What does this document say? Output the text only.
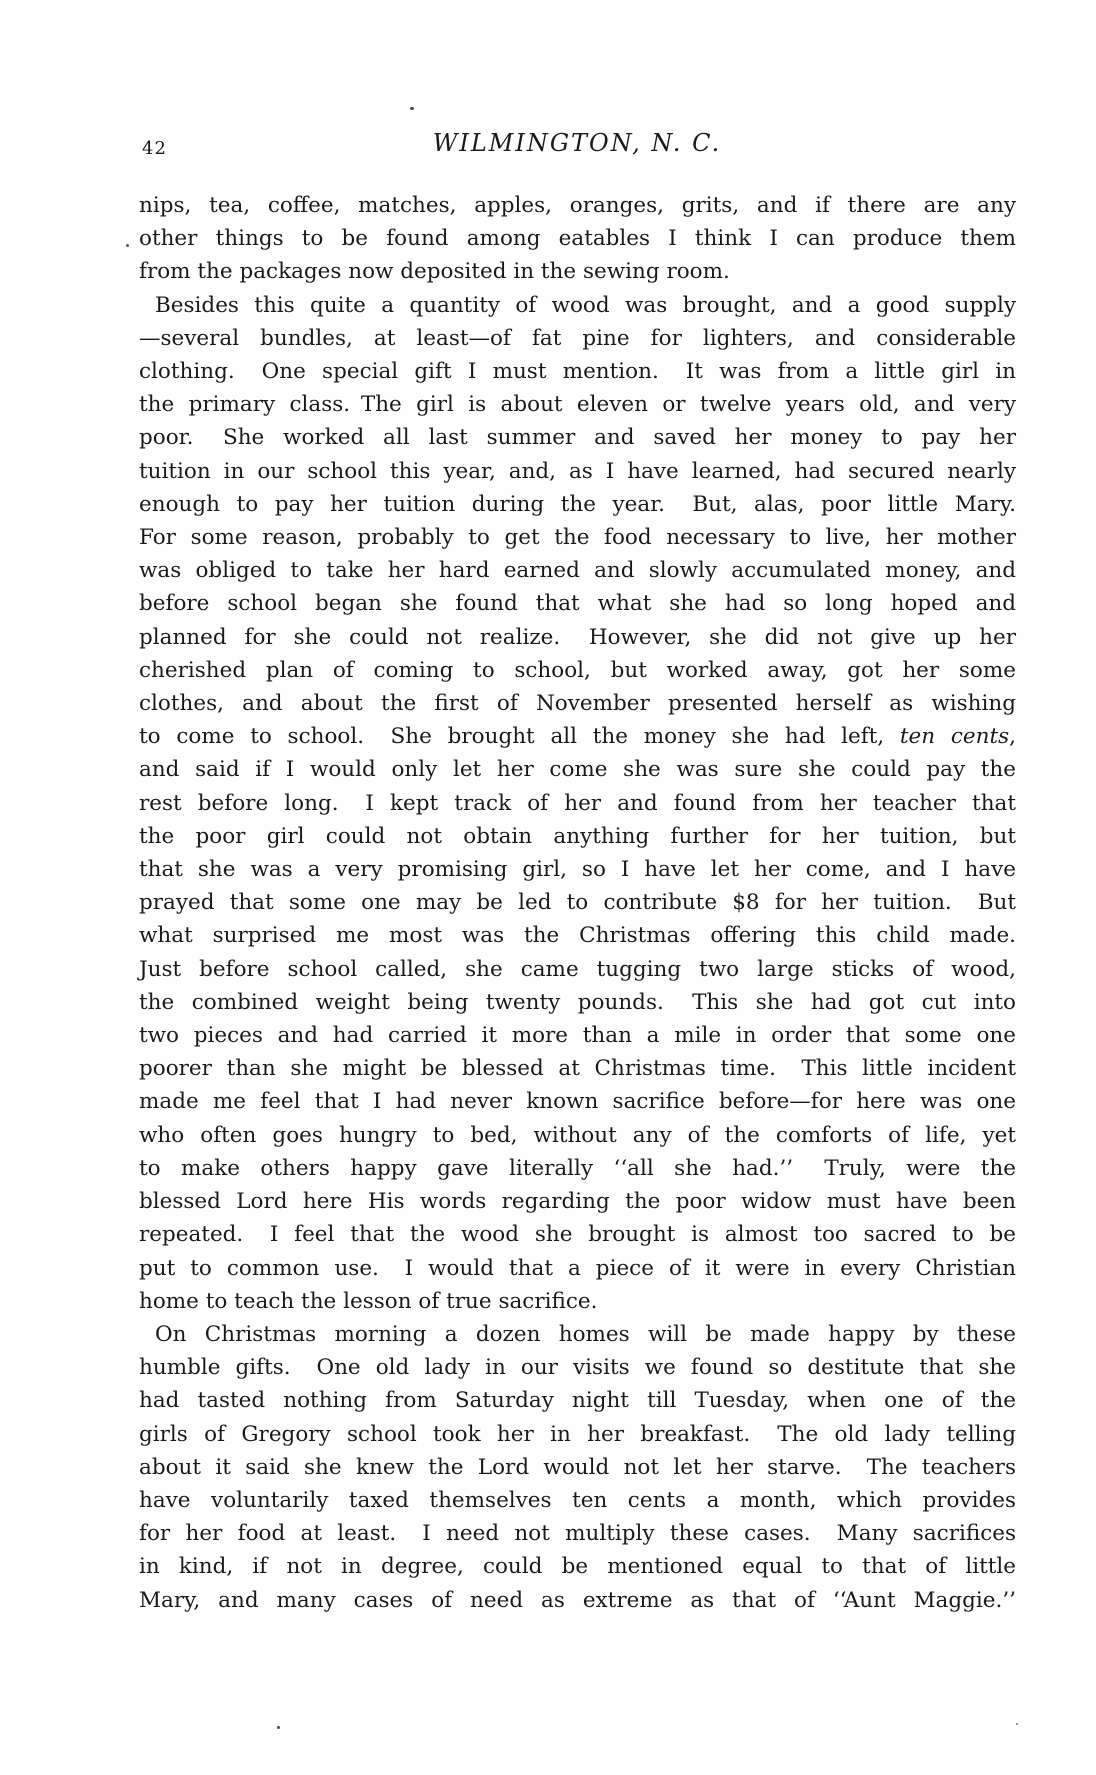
42	WILMINGTON, N. C.
nips, tea, coffee, matches, apples, oranges, grits, and if there are any
other things to be found among eatables I think I can produce them
from the packages now deposited in the sewing room.
Besides this quite a quantity of wood was brought, and a good supply
—several bundles, at least—of fat pine for lighters, and considerable
clothing.  One special gift I must mention.  It was from a little girl in
the primary class. The girl is about eleven or twelve years old, and very
poor.  She worked all last summer and saved her money to pay her
tuition in our school this year, and, as I have learned, had secured nearly
enough to pay her tuition during the year.  But, alas, poor little Mary.
For some reason, probably to get the food necessary to live, her mother
was obliged to take her hard earned and slowly accumulated money, and
before school began she found that what she had so long hoped and
planned for she could not realize.  However, she did not give up her
cherished plan of coming to school, but worked away, got her some
clothes, and about the first of November presented herself as wishing
to come to school.  She brought all the money she had left, ten cents,
and said if I would only let her come she was sure she could pay the
rest before long.  I kept track of her and found from her teacher that
the poor girl could not obtain anything further for her tuition, but
that she was a very promising girl, so I have let her come, and I have
prayed that some one may be led to contribute $8 for her tuition.  But
what surprised me most was the Christmas offering this child made.
Just before school called, she came tugging two large sticks of wood,
the combined weight being twenty pounds.  This she had got cut into
two pieces and had carried it more than a mile in order that some one
poorer than she might be blessed at Christmas time.  This little incident
made me feel that I had never known sacrifice before—for here was one
who often goes hungry to bed, without any of the comforts of life, yet
to make others happy gave literally ‘‘all she had.’’  Truly, were the
blessed Lord here His words regarding the poor widow must have been
repeated.  I feel that the wood she brought is almost too sacred to be
put to common use.  I would that a piece of it were in every Christian
home to teach the lesson of true sacrifice.
On Christmas morning a dozen homes will be made happy by these
humble gifts.  One old lady in our visits we found so destitute that she
had tasted nothing from Saturday night till Tuesday, when one of the
girls of Gregory school took her in her breakfast.  The old lady telling
about it said she knew the Lord would not let her starve.  The teachers
have voluntarily taxed themselves ten cents a month, which provides
for her food at least.  I need not multiply these cases.  Many sacrifices
in kind, if not in degree, could be mentioned equal to that of little
Mary, and many cases of need as extreme as that of ‘‘Aunt Maggie.’’
